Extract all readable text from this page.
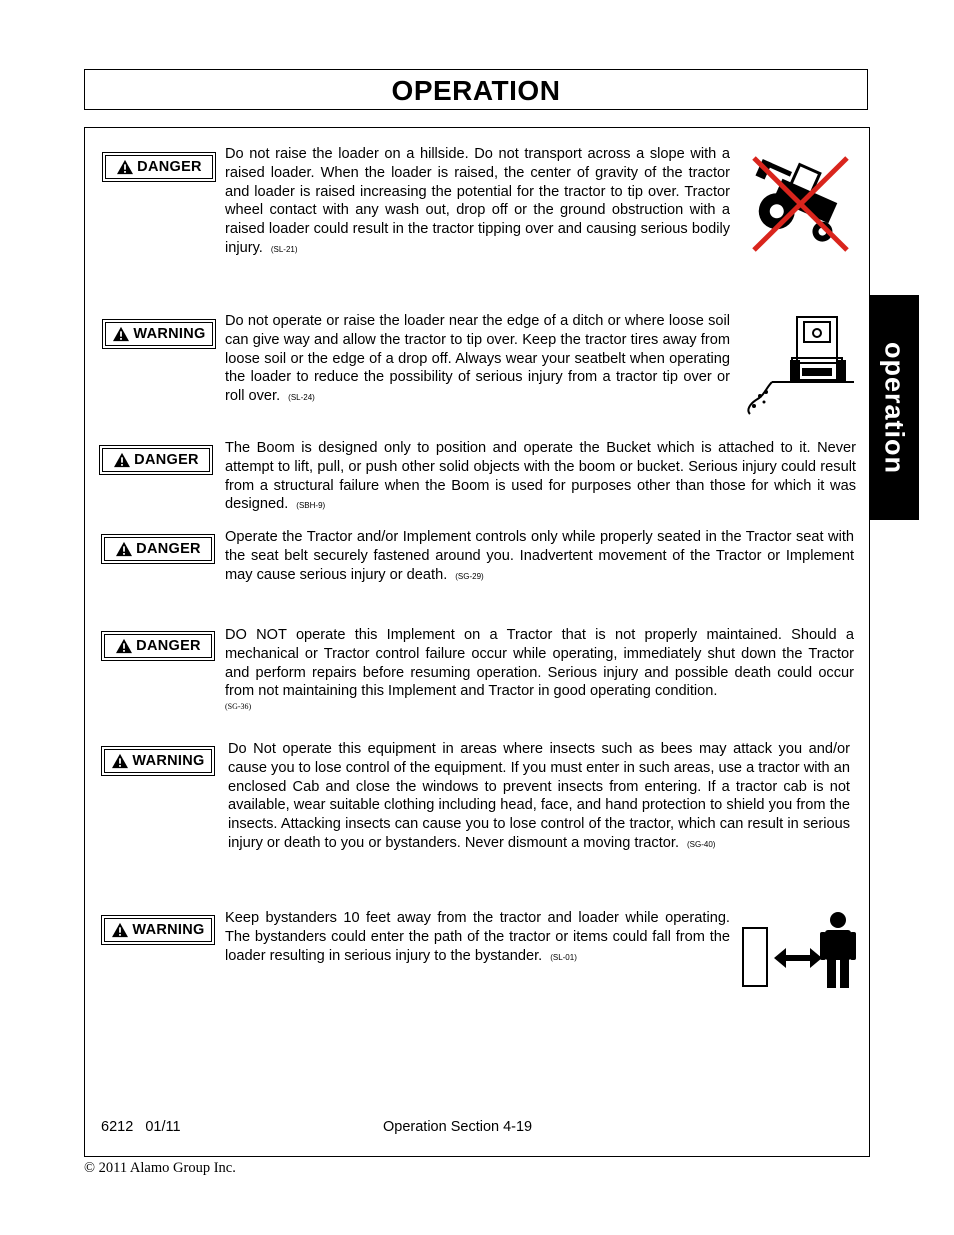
OPERATION
operation
DANGER
Do not raise the loader on a hillside. Do not transport across a slope with a raised loader. When the loader is raised, the center of gravity of the tractor and loader is raised increasing the potential for the tractor to tip over. Tractor wheel contact with any wash out, drop off or the ground obstruction with a raised loader could result in the tractor tipping over and causing serious bodily injury. (SL-21)
WARNING
Do not operate or raise the loader near the edge of a ditch or where loose soil can give way and allow the tractor to tip over. Keep the tractor tires away from loose soil or the edge of a drop off. Always wear your seatbelt when operating the loader to reduce the possibility of serious injury from a tractor tip over or roll over. (SL-24)
DANGER
The Boom is designed only to position and operate the Bucket which is attached to it. Never attempt to lift, pull, or push other solid objects with the boom or bucket. Serious injury could result from a structural failure when the Boom is used for purposes other than those for which it was designed. (SBH-9)
DANGER
Operate the Tractor and/or Implement controls only while properly seated in the Tractor seat with the seat belt securely fastened around you. Inadvertent movement of the Tractor or Implement may cause serious injury or death. (SG-29)
DANGER
DO NOT operate this Implement on a Tractor that is not properly maintained. Should a mechanical or Tractor control failure occur while operating, immediately shut down the Tractor and perform repairs before resuming operation. Serious injury and possible death could occur from not maintaining this Implement and Tractor in good operating condition.
(SG-36)
WARNING
Do Not operate this equipment in areas where insects such as bees may attack you and/or cause you to lose control of the equipment. If you must enter in such areas, use a tractor with an enclosed Cab and close the windows to prevent insects from entering. If a tractor cab is not available, wear suitable clothing including head, face, and hand protection to shield you from the insects. Attacking insects can cause you to lose control of the tractor, which can result in serious injury or death to you or bystanders. Never dismount a moving tractor. (SG-40)
WARNING
Keep bystanders 10 feet away from the tractor and loader while operating. The bystanders could enter the path of the tractor or items could fall from the loader resulting in serious injury to the bystander. (SL-01)
6212 01/11	Operation Section 4-19
© 2011 Alamo Group Inc.
